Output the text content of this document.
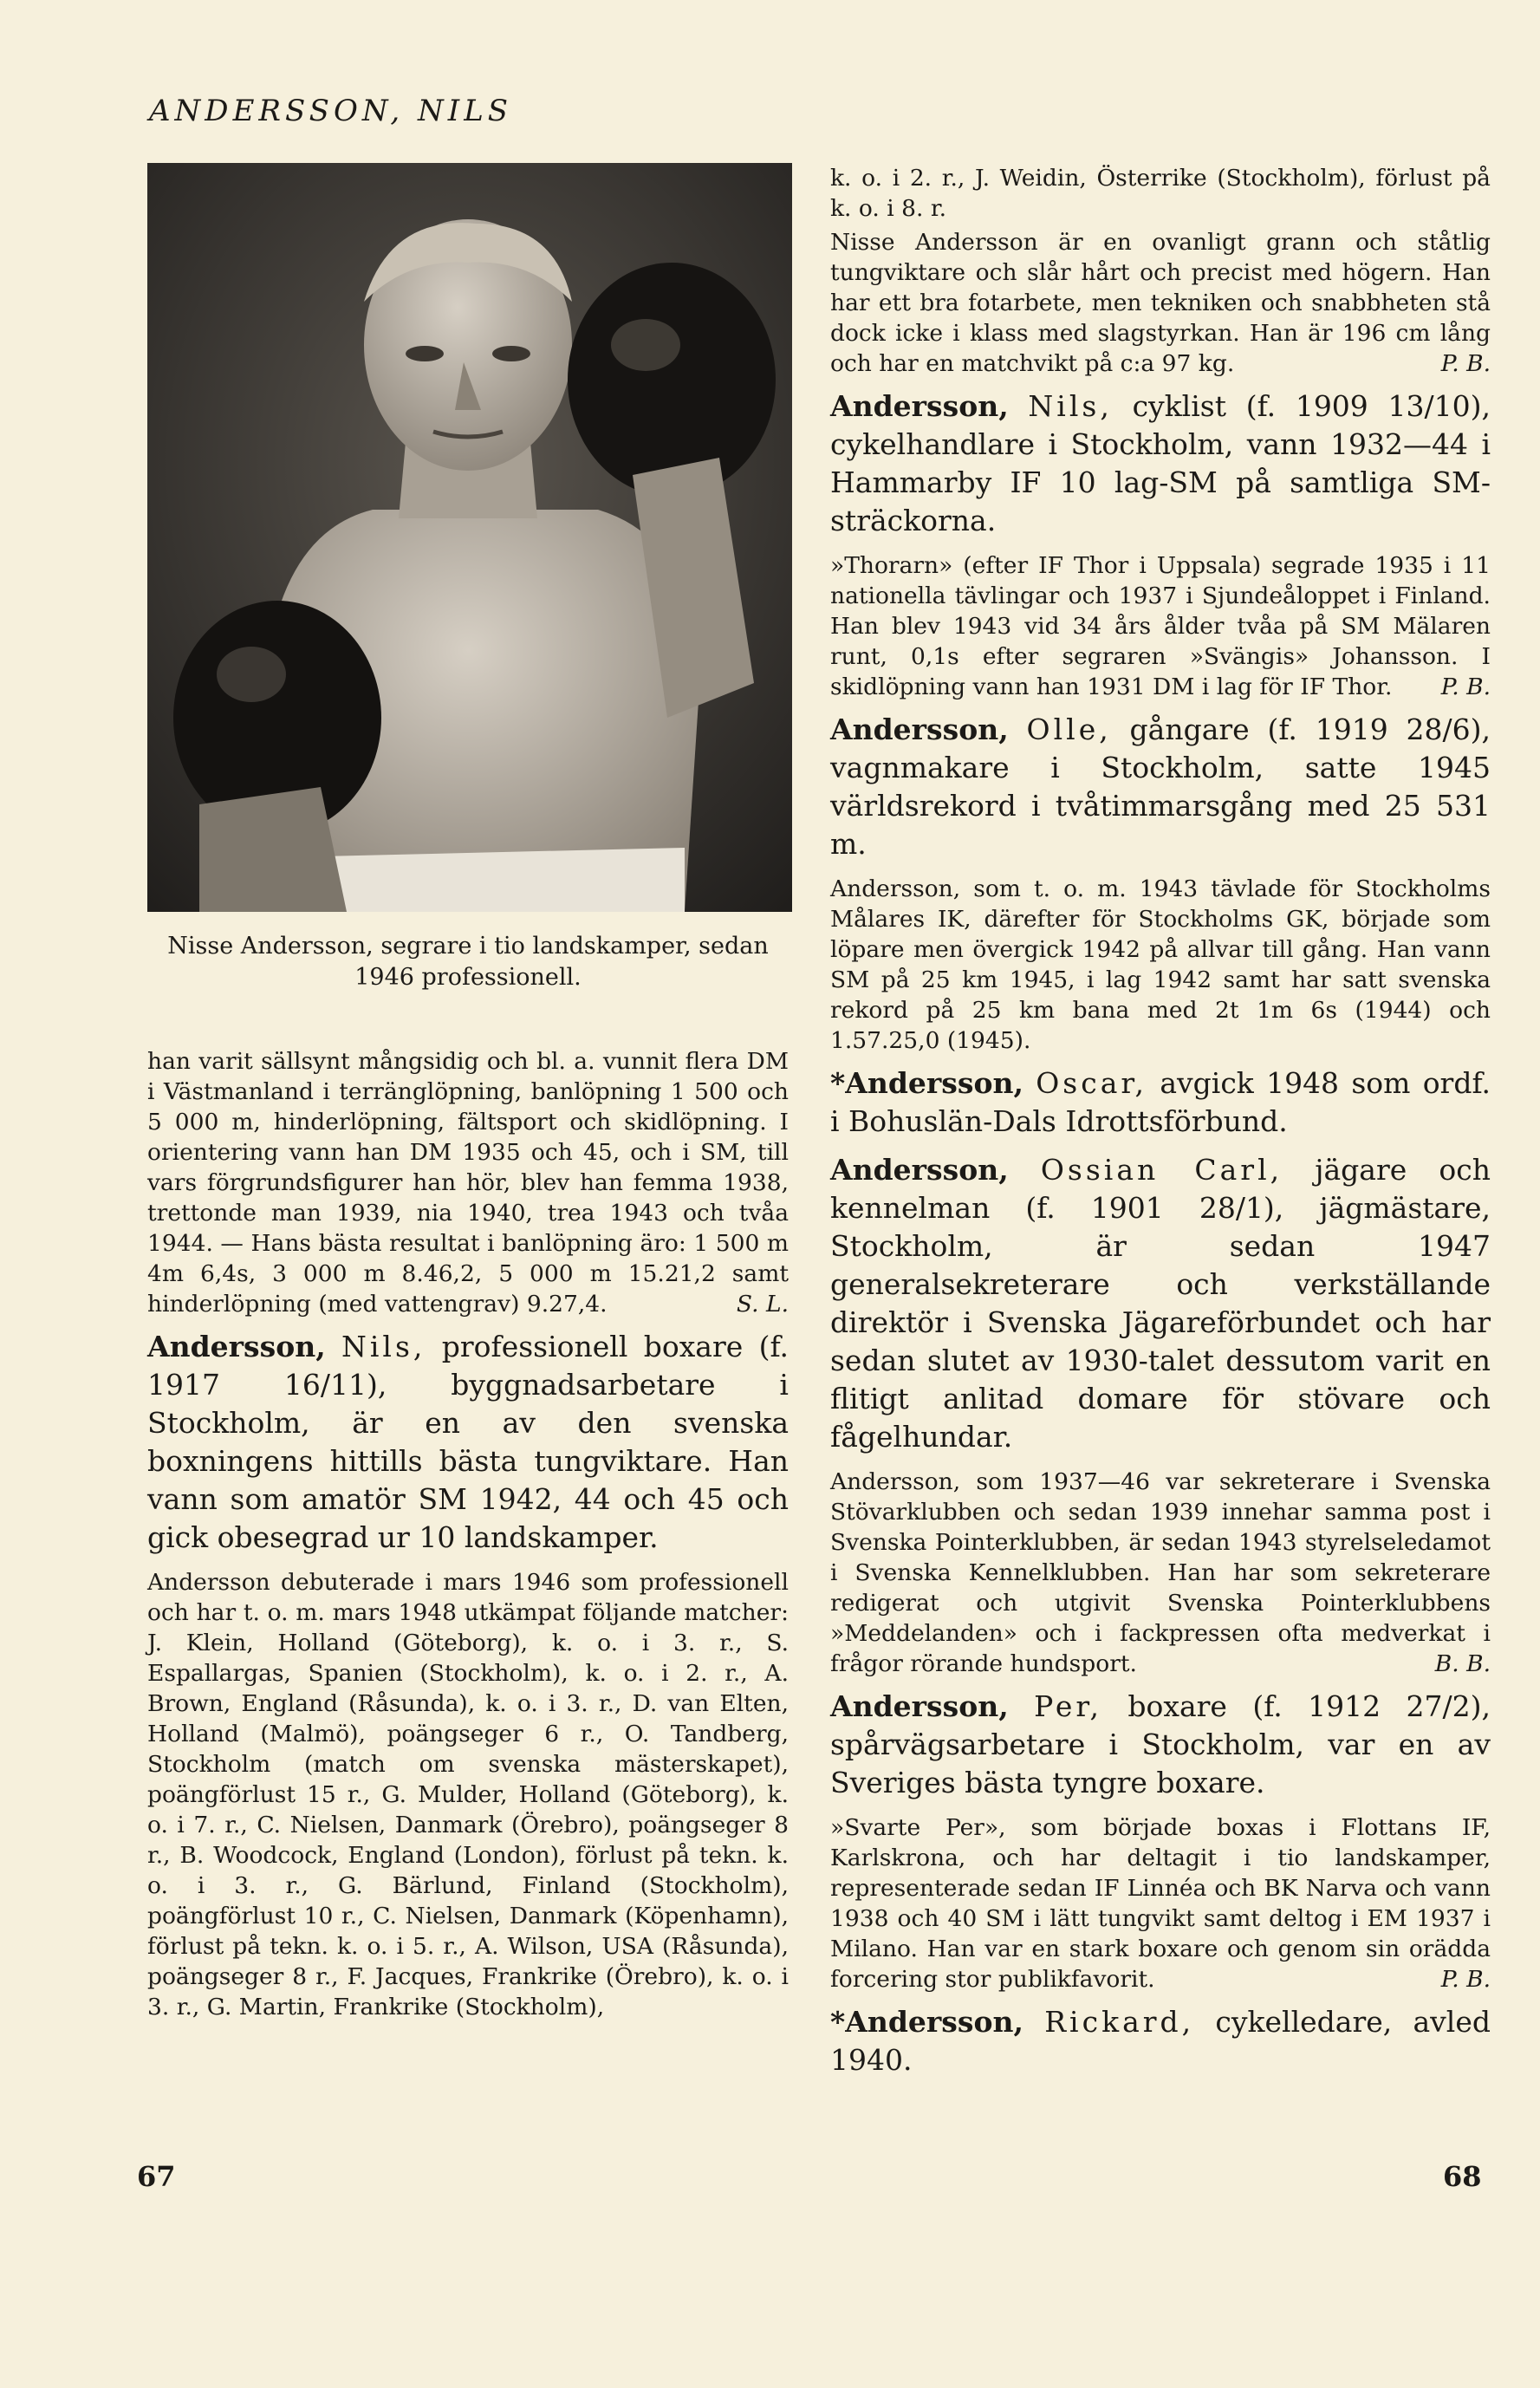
ANDERSSON, NILS

Nisse Andersson, segrare i tio landskamper, sedan 1946 professionell.

han varit sällsynt mångsidig och bl. a. vunnit flera DM i Västmanland i terränglöpning, banlöpning 1 500 och 5 000 m, hinderlöpning, fältsport och skidlöpning. I orientering vann han DM 1935 och 45, och i SM, till vars förgrundsfigurer han hör, blev han femma 1938, trettonde man 1939, nia 1940, trea 1943 och tvåa 1944. — Hans bästa resultat i banlöpning äro: 1 500 m 4m 6,4s, 3 000 m 8.46,2, 5 000 m 15.21,2 samt hinderlöpning (med vattengrav) 9.27,4.	S. L.

Andersson, Nils, professionell boxare (f. 1917 16/11), byggnadsarbetare i Stockholm, är en av den svenska boxningens hittills bästa tungviktare. Han vann som amatör SM 1942, 44 och 45 och gick obesegrad ur 10 landskamper.

Andersson debuterade i mars 1946 som professionell och har t. o. m. mars 1948 utkämpat följande matcher: J. Klein, Holland (Göteborg), k. o. i 3. r., S. Espallargas, Spanien (Stockholm), k. o. i 2. r., A. Brown, England (Råsunda), k. o. i 3. r., D. van Elten, Holland (Malmö), poängseger 6 r., O. Tandberg, Stockholm (match om svenska mästerskapet), poängförlust 15 r., G. Mulder, Holland (Göteborg), k. o. i 7. r., C. Nielsen, Danmark (Örebro), poängseger 8 r., B. Woodcock, England (London), förlust på tekn. k. o. i 3. r., G. Bärlund, Finland (Stockholm), poängförlust 10 r., C. Nielsen, Danmark (Köpenhamn), förlust på tekn. k. o. i 5. r., A. Wilson, USA (Råsunda), poängseger 8 r., F. Jacques, Frankrike (Örebro), k. o. i 3. r., G. Martin, Frankrike (Stockholm),

k. o. i 2. r., J. Weidin, Österrike (Stockholm), förlust på k. o. i 8. r.

Nisse Andersson är en ovanligt grann och ståtlig tungviktare och slår hårt och precist med högern. Han har ett bra fotarbete, men tekniken och snabbheten stå dock icke i klass med slagstyrkan. Han är 196 cm lång och har en matchvikt på c:a 97 kg.	P. B.

Andersson, Nils, cyklist (f. 1909 13/10), cykelhandlare i Stockholm, vann 1932—44 i Hammarby IF 10 lag-SM på samtliga SM-sträckorna.

»Thorarn» (efter IF Thor i Uppsala) segrade 1935 i 11 nationella tävlingar och 1937 i Sjundeåloppet i Finland. Han blev 1943 vid 34 års ålder tvåa på SM Mälaren runt, 0,1s efter segraren »Svängis» Johansson. I skidlöpning vann han 1931 DM i lag för IF Thor. P. B.

Andersson, Olle, gångare (f. 1919 28/6), vagnmakare i Stockholm, satte 1945 världsrekord i tvåtimmarsgång med 25 531 m.

Andersson, som t. o. m. 1943 tävlade för Stockholms Målares IK, därefter för Stockholms GK, började som löpare men övergick 1942 på allvar till gång. Han vann SM på 25 km 1945, i lag 1942 samt har satt svenska rekord på 25 km bana med 2t 1m 6s (1944) och 1.57.25,0 (1945).

*Andersson, Oscar, avgick 1948 som ordf. i Bohuslän-Dals Idrottsförbund.

Andersson, Ossian Carl, jägare och kennelman (f. 1901 28/1), jägmästare, Stockholm, är sedan 1947 generalsekreterare och verkställande direktör i Svenska Jägareförbundet och har sedan slutet av 1930-talet dessutom varit en flitigt anlitad domare för stövare och fågelhundar.

Andersson, som 1937—46 var sekreterare i Svenska Stövarklubben och sedan 1939 innehar samma post i Svenska Pointerklubben, är sedan 1943 styrelseledamot i Svenska Kennelklubben. Han har som sekreterare redigerat och utgivit Svenska Pointerklubbens »Meddelanden» och i fackpressen ofta medverkat i frågor rörande hundsport.	B. B.

Andersson, Per, boxare (f. 1912 27/2), spårvägsarbetare i Stockholm, var en av Sveriges bästa tyngre boxare.

»Svarte Per», som började boxas i Flottans IF, Karlskrona, och har deltagit i tio landskamper, representerade sedan IF Linnéa och BK Narva och vann 1938 och 40 SM i lätt tungvikt samt deltog i EM 1937 i Milano. Han var en stark boxare och genom sin orädda forcering stor publikfavorit.	P. B.

*Andersson, Rickard, cykelledare, avled 1940.

67	68
